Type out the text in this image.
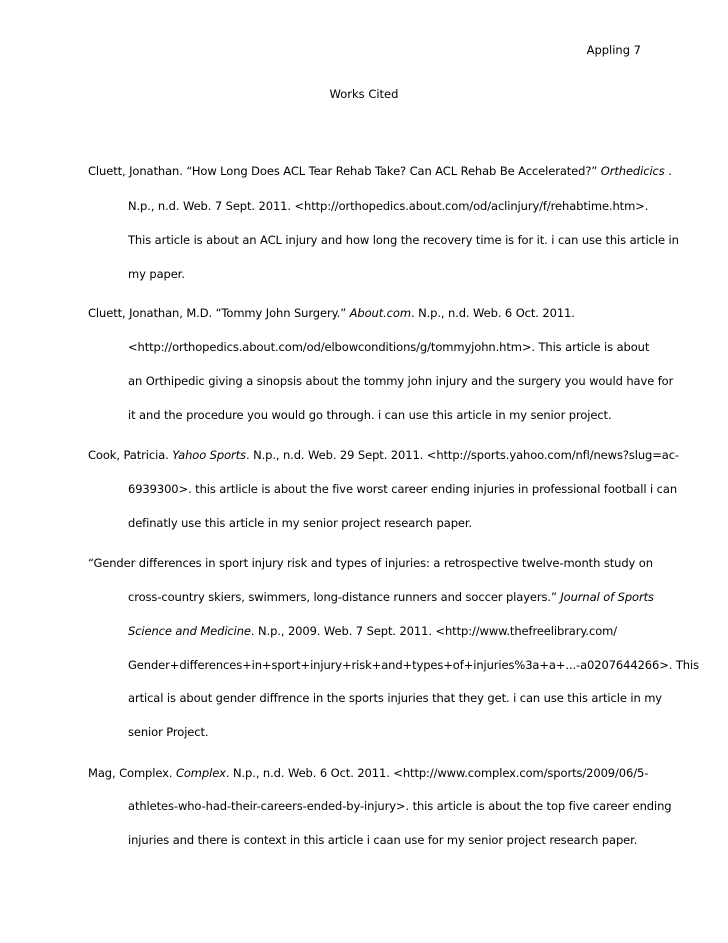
Appling 7
Works Cited
Cluett, Jonathan. “How Long Does ACL Tear Rehab Take? Can ACL Rehab Be Accelerated?” Orthedicics .
N.p., n.d. Web. 7 Sept. 2011. <http://orthopedics.about.com/od/aclinjury/f/rehabtime.htm>.
This article is about an ACL injury and how long the recovery time is for it. i can use this article in
my paper.
Cluett, Jonathan, M.D. “Tommy John Surgery.” About.com. N.p., n.d. Web. 6 Oct. 2011.
<http://orthopedics.about.com/od/elbowconditions/g/tommyjohn.htm>. This article is about
an Orthipedic giving a sinopsis about the tommy john injury and the surgery you would have for
it and the procedure you would go through. i can use this article in my senior project.
Cook, Patricia. Yahoo Sports. N.p., n.d. Web. 29 Sept. 2011. <http://sports.yahoo.com/nfl/news?slug=ac-
6939300>. this artlicle is about the five worst career ending injuries in professional football i can
definatly use this article in my senior project research paper.
“Gender differences in sport injury risk and types of injuries: a retrospective twelve-month study on
cross-country skiers, swimmers, long-distance runners and soccer players.” Journal of Sports
Science and Medicine. N.p., 2009. Web. 7 Sept. 2011. <http://www.thefreelibrary.com/
Gender+differences+in+sport+injury+risk+and+types+of+injuries%3a+a+...-a0207644266>. This
artical is about gender diffrence in the sports injuries that they get. i can use this article in my
senior Project.
Mag, Complex. Complex. N.p., n.d. Web. 6 Oct. 2011. <http://www.complex.com/sports/2009/06/5-
athletes-who-had-their-careers-ended-by-injury>. this article is about the top five career ending
injuries and there is context in this article i caan use for my senior project research paper.
